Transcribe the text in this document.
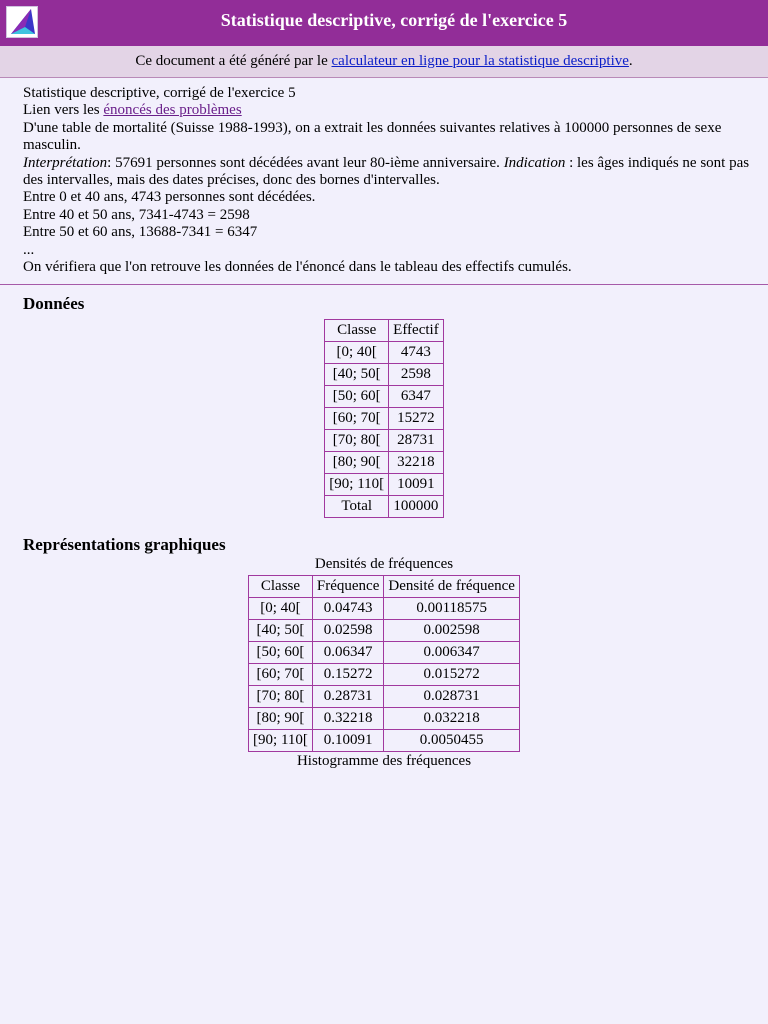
Statistique descriptive, corrigé de l'exercice 5
Ce document a été généré par le calculateur en ligne pour la statistique descriptive.
Statistique descriptive, corrigé de l'exercice 5
Lien vers les énoncés des problèmes
D'une table de mortalité (Suisse 1988-1993), on a extrait les données suivantes relatives à 100000 personnes de sexe masculin.
Interprétation: 57691 personnes sont décédées avant leur 80-ième anniversaire. Indication : les âges indiqués ne sont pas des intervalles, mais des dates précises, donc des bornes d'intervalles.
Entre 0 et 40 ans, 4743 personnes sont décédées.
Entre 40 et 50 ans, 7341-4743 = 2598
Entre 50 et 60 ans, 13688-7341 = 6347
...
On vérifiera que l'on retrouve les données de l'énoncé dans le tableau des effectifs cumulés.
Données
Classe	Effectif
[0; 40[	4743
[40; 50[	2598
[50; 60[	6347
[60; 70[	15272
[70; 80[	28731
[80; 90[	32218
[90; 110[	10091
Total	100000
Représentations graphiques
Densités de fréquences
Classe	Fréquence	Densité de fréquence
[0; 40[	0.04743	0.00118575
[40; 50[	0.02598	0.002598
[50; 60[	0.06347	0.006347
[60; 70[	0.15272	0.015272
[70; 80[	0.28731	0.028731
[80; 90[	0.32218	0.032218
[90; 110[	0.10091	0.0050455
Histogramme des fréquences
